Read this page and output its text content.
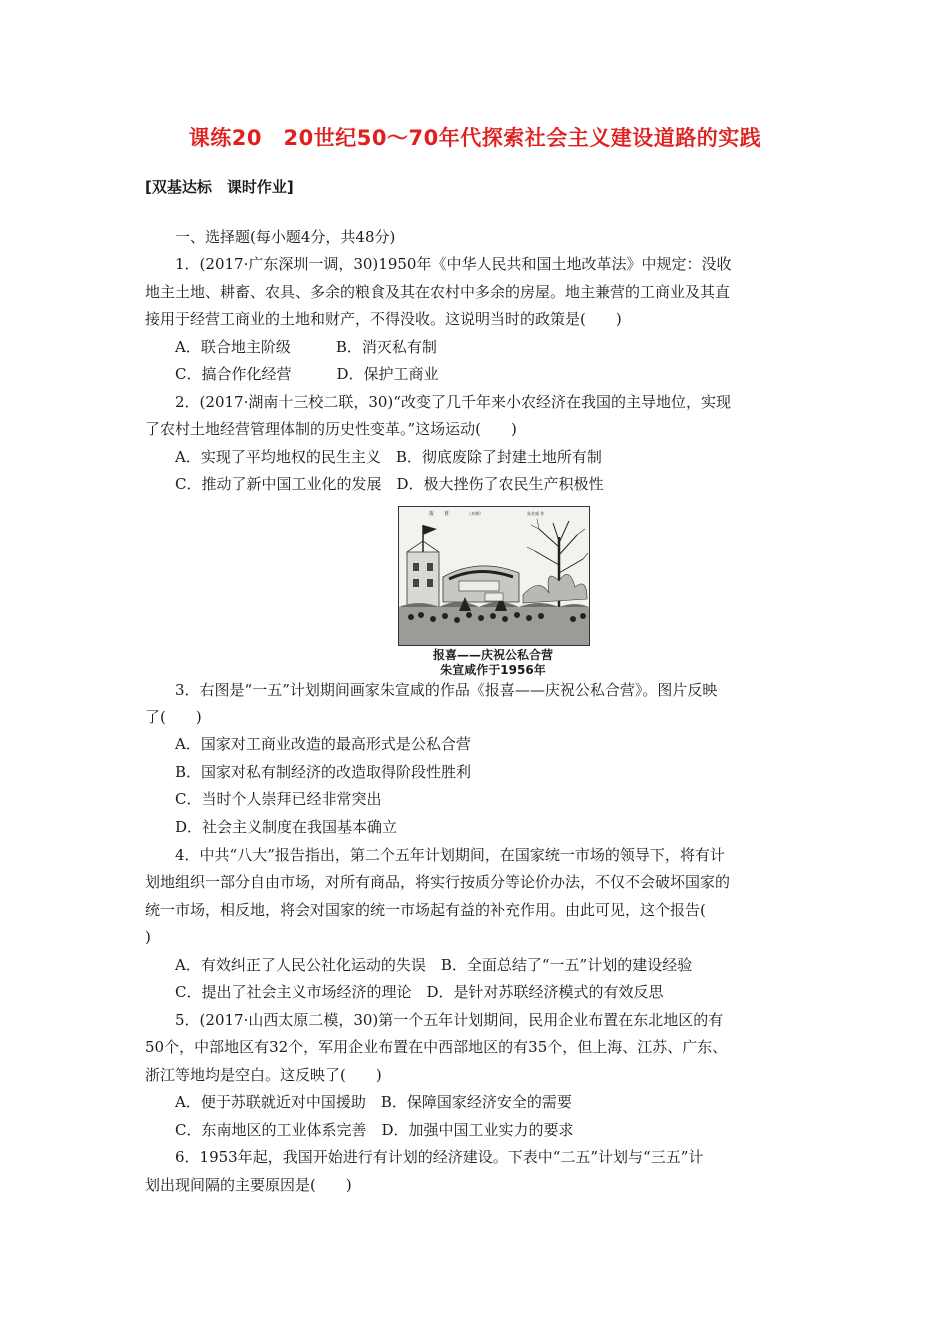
课练20　20世纪50～70年代探索社会主义建设道路的实践
[双基达标　课时作业]
一、选择题(每小题4分，共48分)
1．(2017·广东深圳一调，30)1950年《中华人民共和国土地改革法》中规定：没收
地主土地、耕畜、农具、多余的粮食及其在农村中多余的房屋。地主兼营的工商业及其直
接用于经营工商业的土地和财产，不得没收。这说明当时的政策是(　　)
A．联合地主阶级　　　B．消灭私有制
C．搞合作化经营　　　D．保护工商业
2．(2017·湖南十三校二联，30)“改变了几千年来小农经济在我国的主导地位，实现
了农村土地经营管理体制的历史性变革。”这场运动(　　)
A．实现了平均地权的民生主义　B．彻底废除了封建土地所有制
C．推动了新中国工业化的发展　D．极大挫伤了农民生产积极性
报　　喜	（木刻）	朱宣咸 作
报喜——庆祝公私合营
朱宣咸作于1956年
3．右图是“一五”计划期间画家朱宣咸的作品《报喜——庆祝公私合营》。图片反映
了(　　)
A．国家对工商业改造的最高形式是公私合营
B．国家对私有制经济的改造取得阶段性胜利
C．当时个人崇拜已经非常突出
D．社会主义制度在我国基本确立
4．中共“八大”报告指出，第二个五年计划期间，在国家统一市场的领导下，将有计
划地组织一部分自由市场，对所有商品，将实行按质分等论价办法，不仅不会破坏国家的
统一市场，相反地，将会对国家的统一市场起有益的补充作用。由此可见，这个报告(
)
A．有效纠正了人民公社化运动的失误　B．全面总结了“一五”计划的建设经验
C．提出了社会主义市场经济的理论　D．是针对苏联经济模式的有效反思
5．(2017·山西太原二模，30)第一个五年计划期间，民用企业布置在东北地区的有
50个，中部地区有32个，军用企业布置在中西部地区的有35个，但上海、江苏、广东、
浙江等地均是空白。这反映了(　　)
A．便于苏联就近对中国援助　B．保障国家经济安全的需要
C．东南地区的工业体系完善　D．加强中国工业实力的要求
6．1953年起，我国开始进行有计划的经济建设。下表中“二五”计划与“三五”计
划出现间隔的主要原因是(　　)
